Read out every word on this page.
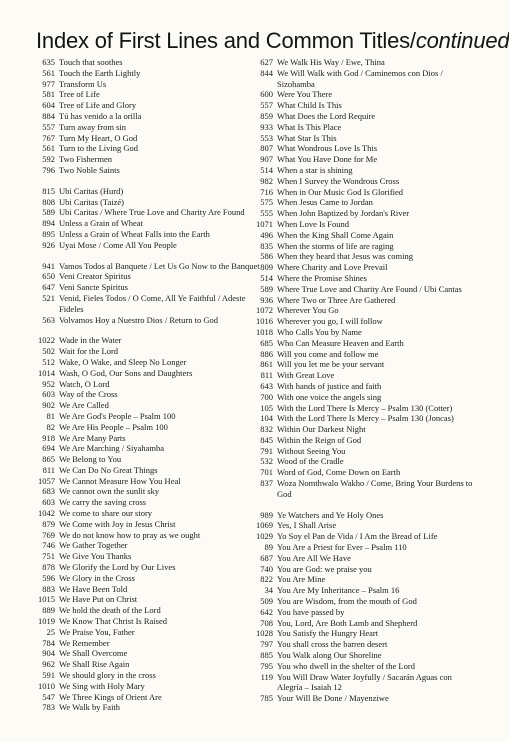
Index of First Lines and Common Titles/continued
635 Touch that soothes
561 Touch the Earth Lightly
977 Transform Us
581 Tree of Life
604 Tree of Life and Glory
884 Tú has venido a la orilla
557 Turn away from sin
767 Turn My Heart, O God
561 Turn to the Living God
592 Two Fishermen
796 Two Noble Saints
815 Ubi Caritas (Hurd)
808 Ubi Caritas (Taizé)
589 Ubi Caritas / Where True Love and Charity Are Found
894 Unless a Grain of Wheat
895 Unless a Grain of Wheat Falls into the Earth
926 Uyai Mose / Come All You People
941 Vamos Todos al Banquete / Let Us Go Now to the Banquet
650 Veni Creator Spiritus
647 Veni Sancte Spiritus
521 Venid, Fieles Todos / O Come, All Ye Faithful / Adeste Fideles
563 Volvamos Hoy a Nuestro Dios / Return to God
1022 Wade in the Water
502 Wait for the Lord
512 Wake, O Wake, and Sleep No Longer
1014 Wash, O God, Our Sons and Daughters
952 Watch, O Lord
603 Way of the Cross
902 We Are Called
81 We Are God's People – Psalm 100
82 We Are His People – Psalm 100
918 We Are Many Parts
694 We Are Marching / Siyahamba
865 We Belong to You
811 We Can Do No Great Things
1057 We Cannot Measure How You Heal
683 We cannot own the sunlit sky
603 We carry the saving cross
1042 We come to share our story
879 We Come with Joy in Jesus Christ
769 We do not know how to pray as we ought
746 We Gather Together
751 We Give You Thanks
878 We Glorify the Lord by Our Lives
596 We Glory in the Cross
883 We Have Been Told
1015 We Have Put on Christ
889 We hold the death of the Lord
1019 We Know That Christ Is Raised
25 We Praise You, Father
784 We Remember
904 We Shall Overcome
962 We Shall Rise Again
591 We should glory in the cross
1010 We Sing with Holy Mary
547 We Three Kings of Orient Are
783 We Walk by Faith
627 We Walk His Way / Ewe, Thina
844 We Will Walk with God / Caminemos con Dios / Sizohamba
600 Were You There
557 What Child Is This
859 What Does the Lord Require
933 What Is This Place
553 What Star Is This
807 What Wondrous Love Is This
907 What You Have Done for Me
514 When a star is shining
982 When I Survey the Wondrous Cross
716 When in Our Music God Is Glorified
575 When Jesus Came to Jordan
555 When John Baptized by Jordan's River
1071 When Love Is Found
496 When the King Shall Come Again
835 When the storms of life are raging
586 When they heard that Jesus was coming
809 Where Charity and Love Prevail
514 Where the Promise Shines
589 Where True Love and Charity Are Found / Ubi Cantas
936 Where Two or Three Are Gathered
1072 Wherever You Go
1016 Wherever you go, I will follow
1018 Who Calls You by Name
685 Who Can Measure Heaven and Earth
886 Will you come and follow me
861 Will you let me be your servant
811 With Great Love
643 With hands of justice and faith
700 With one voice the angels sing
105 With the Lord There Is Mercy – Psalm 130 (Cotter)
104 With the Lord There Is Mercy – Psalm 130 (Joncas)
832 Within Our Darkest Night
845 Within the Reign of God
791 Without Seeing You
532 Wood of the Cradle
701 Word of God, Come Down on Earth
837 Woza Nomthwalo Wakho / Come, Bring Your Burdens to God
989 Ye Watchers and Ye Holy Ones
1069 Yes, I Shall Arise
1029 Yo Soy el Pan de Vida / I Am the Bread of Life
89 You Are a Priest for Ever – Psalm 110
687 You Are All We Have
740 You are God: we praise you
822 You Are Mine
34 You Are My Inheritance – Psalm 16
509 You are Wisdom, from the mouth of God
642 You have passed by
708 You, Lord, Are Both Lamb and Shepherd
1028 You Satisfy the Hungry Heart
797 You shall cross the barren desert
885 You Walk along Our Shoreline
795 You who dwell in the shelter of the Lord
119 You Will Draw Water Joyfully / Sacarán Aguas con Alegría – Isaiah 12
785 Your Will Be Done / Mayenziwe
